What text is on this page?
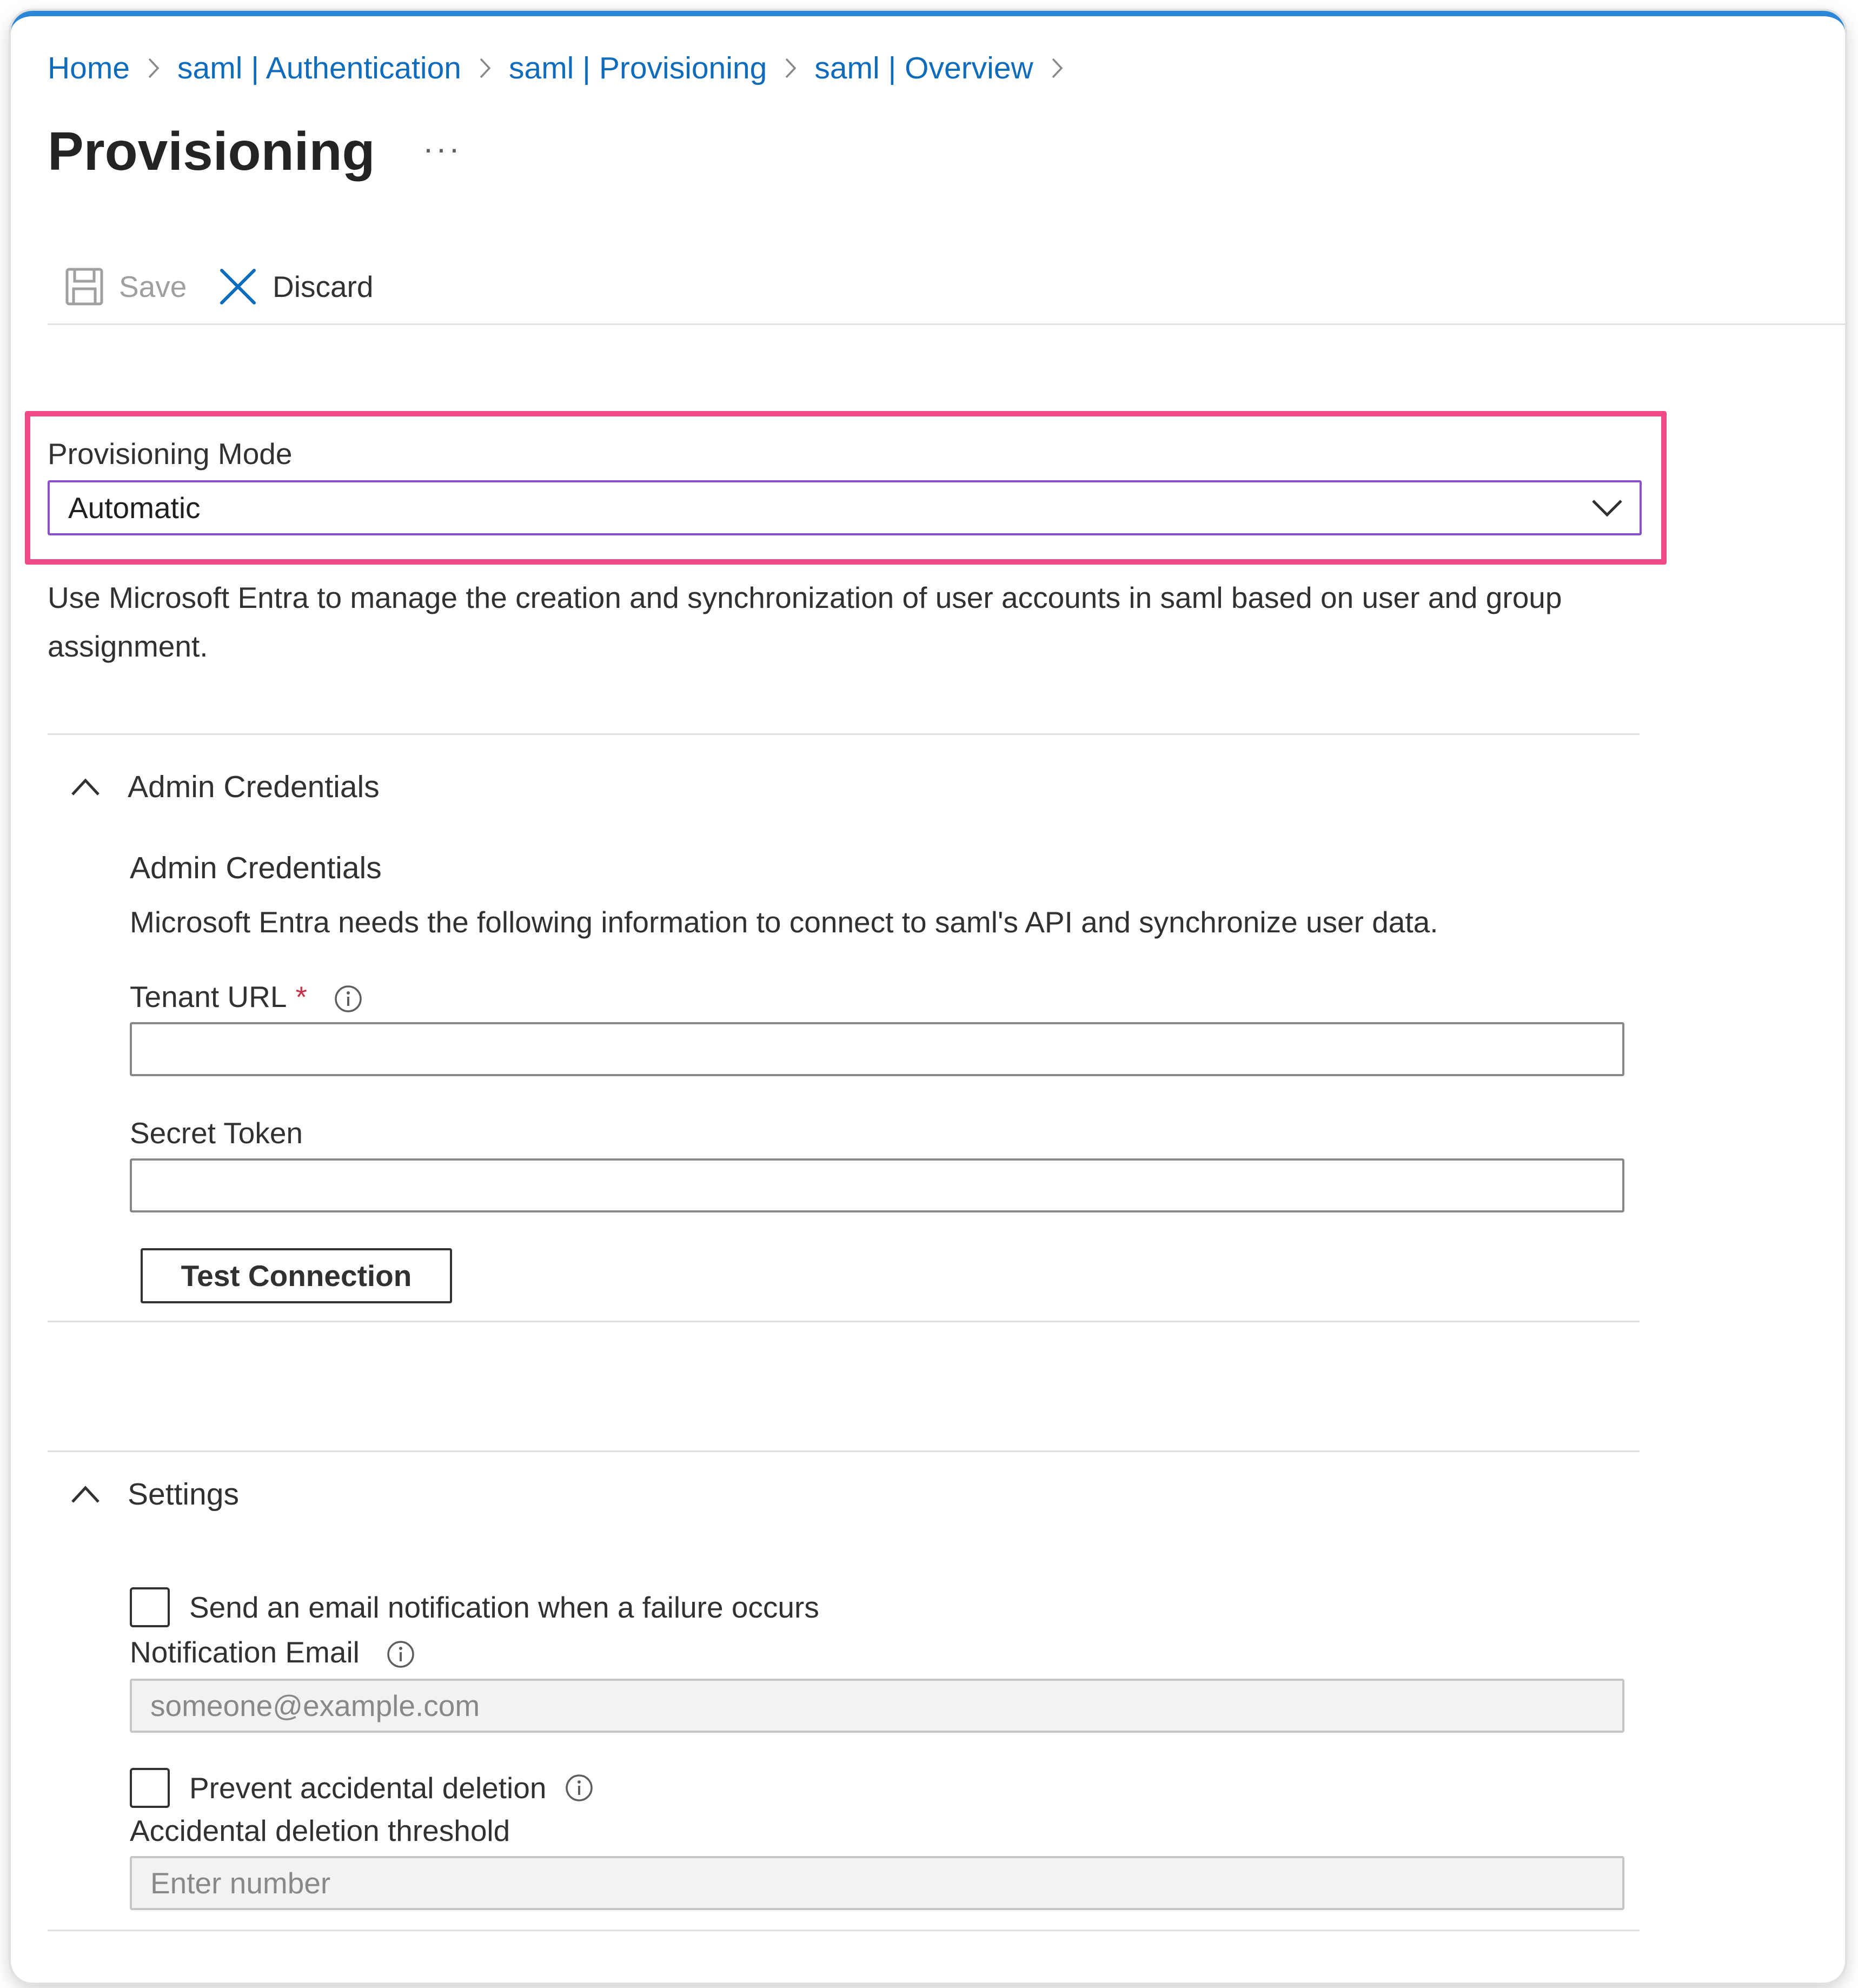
Home saml | Authentication saml | Provisioning saml | Overview
Provisioning ···
Save	Discard
Provisioning Mode
Automatic
Use Microsoft Entra to manage the creation and synchronization of user accounts in saml based on user and group assignment.
Admin Credentials
Admin Credentials
Microsoft Entra needs the following information to connect to saml's API and synchronize user data.
Tenant URL *
Secret Token
Test Connection
Settings
Send an email notification when a failure occurs
Notification Email
someone@example.com
Prevent accidental deletion
Accidental deletion threshold
Enter number
